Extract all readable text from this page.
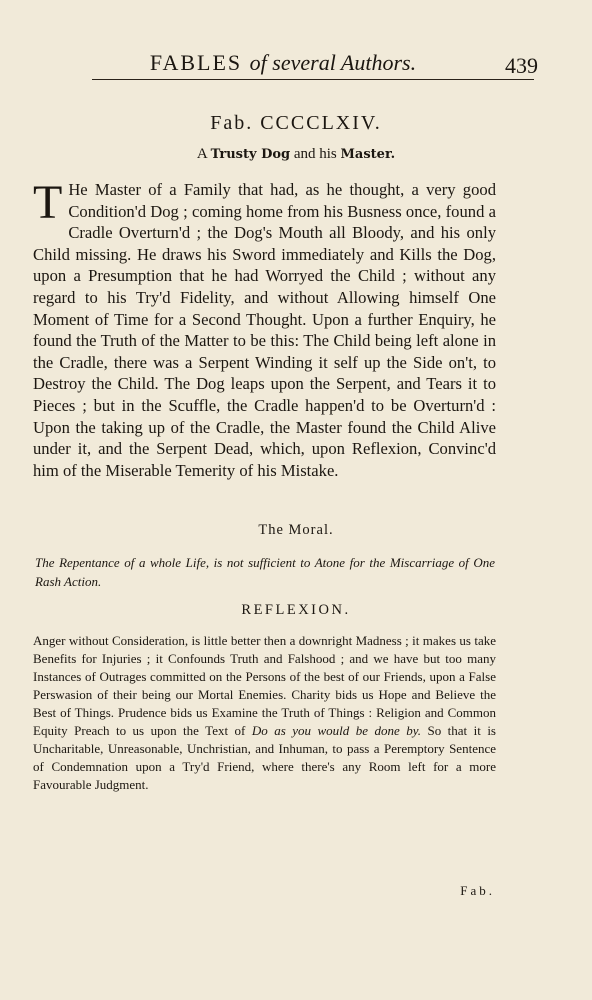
FABLES of several Authors.	439
Fab. CCCCLXIV.
A Trusty Dog and his Master.
T He Master of a Family that had, as he thought, a very good Condition'd Dog ; coming home from his Busness once, found a Cradle Overturn'd ; the Dog's Mouth all Bloody, and his only Child missing. He draws his Sword immediately and Kills the Dog, upon a Presumption that he had Worryed the Child ; without any regard to his Try'd Fidelity, and without Allowing himself One Moment of Time for a Second Thought. Upon a further Enquiry, he found the Truth of the Matter to be this: The Child being left alone in the Cradle, there was a Serpent Winding it self up the Side on't, to Destroy the Child. The Dog leaps upon the Serpent, and Tears it to Pieces ; but in the Scuffle, the Cradle happen'd to be Overturn'd : Upon the taking up of the Cradle, the Master found the Child Alive under it, and the Serpent Dead, which, upon Reflexion, Convinc'd him of the Miserable Temerity of his Mistake.
The Moral.
The Repentance of a whole Life, is not sufficient to Atone for the Miscarriage of One Rash Action.
REFLEXION.
Anger without Consideration, is little better then a downright Madness ; it makes us take Benefits for Injuries ; it Confounds Truth and Falshood ; and we have but too many Instances of Outrages committed on the Persons of the best of our Friends, upon a False Perswasion of their being our Mortal Enemies. Charity bids us Hope and Believe the Best of Things. Prudence bids us Examine the Truth of Things : Religion and Common Equity Preach to us upon the Text of Do as you would be done by. So that it is Uncharitable, Unreasonable, Unchristian, and Inhuman, to pass a Peremptory Sentence of Condemnation upon a Try'd Friend, where there's any Room left for a more Favourable Judgment.
Fab.
